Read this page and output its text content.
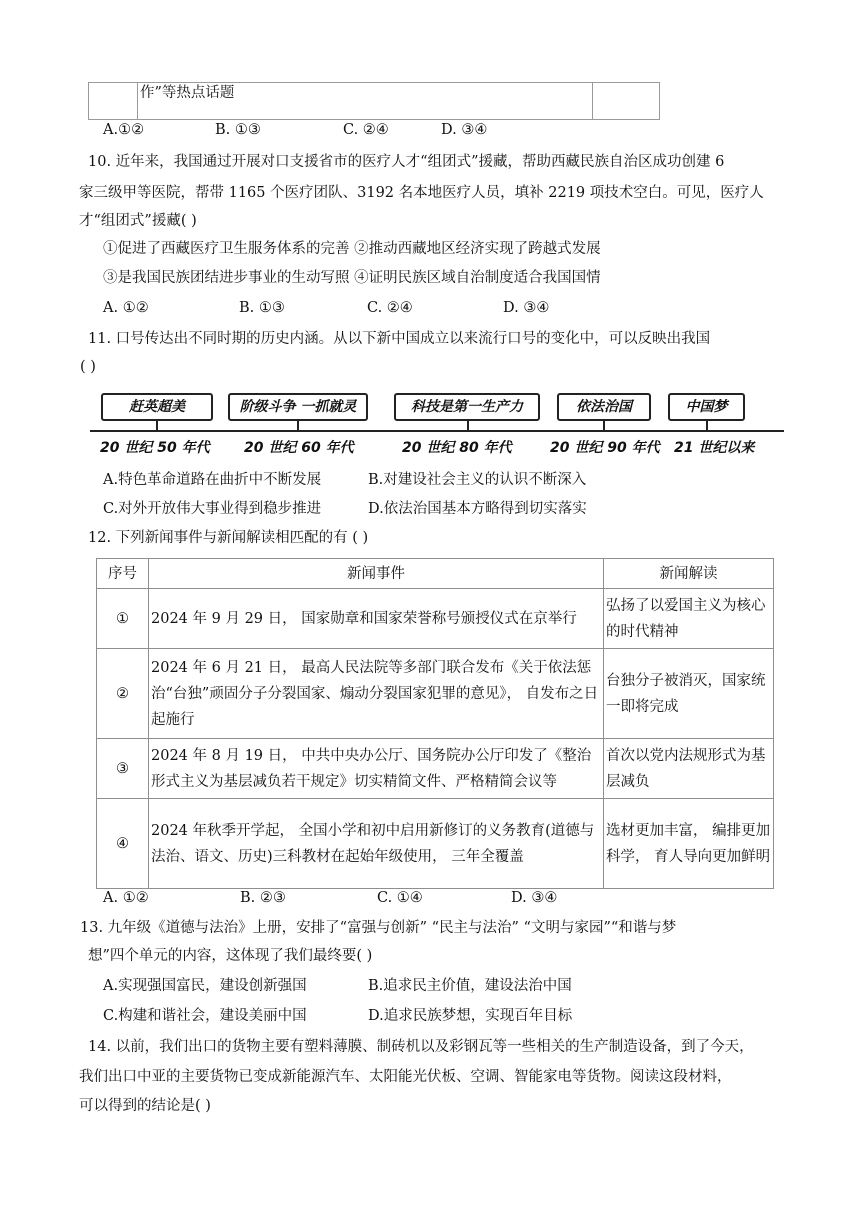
	作”等热点话题	
A.①②	B. ①③	C. ②④	D. ③④
10. 近年来，我国通过开展对口支援省市的医疗人才“组团式”援藏，帮助西藏民族自治区成功创建 6
家三级甲等医院，帮带 1165 个医疗团队、3192 名本地医疗人员，填补 2219 项技术空白。可见，医疗人
才“组团式”援藏( )
①促进了西藏医疗卫生服务体系的完善 ②推动西藏地区经济实现了跨越式发展
③是我国民族团结进步事业的生动写照 ④证明民族区域自治制度适合我国国情
A. ①②	B. ①③	C. ②④	D. ③④
11. 口号传达出不同时期的历史内涵。从以下新中国成立以来流行口号的变化中，可以反映出我国
( )
赶英超美	阶级斗争 一抓就灵	科技是第一生产力	依法治国	中国梦
20 世纪 50 年代 20 世纪 60 年代	20 世纪 80 年代	20 世纪 90 年代 21 世纪以来
A.特色革命道路在曲折中不断发展	B.对建设社会主义的认识不断深入
C.对外开放伟大事业得到稳步推进	D.依法治国基本方略得到切实落实
12. 下列新闻事件与新闻解读相匹配的有 ( )
序号	新闻事件	新闻解读
①	2024 年 9 月 29 日， 国家勋章和国家荣誉称号颁授仪式在京举行	弘扬了以爱国主义为核心的时代精神
②	2024 年 6 月 21 日， 最高人民法院等多部门联合发布《关于依法惩治“台独”顽固分子分裂国家、煽动分裂国家犯罪的意见》， 自发布之日起施行	台独分子被消灭，国家统一即将完成
③	2024 年 8 月 19 日， 中共中央办公厅、国务院办公厅印发了《整治形式主义为基层减负若干规定》切实精简文件、严格精简会议等	首次以党内法规形式为基层减负
④	2024 年秋季开学起， 全国小学和初中启用新修订的义务教育(道德与法治、语文、历史)三科教材在起始年级使用， 三年全覆盖	选材更加丰富， 编排更加科学， 育人导向更加鲜明
A. ①②	B. ②③	C. ①④	D. ③④
13. 九年级《道德与法治》上册，安排了“富强与创新” “民主与法治” “文明与家园”“和谐与梦
想”四个单元的内容，这体现了我们最终要( )
A.实现强国富民，建设创新强国	B.追求民主价值，建设法治中国
C.构建和谐社会，建设美丽中国	D.追求民族梦想，实现百年目标
14. 以前，我们出口的货物主要有塑料薄膜、制砖机以及彩钢瓦等一些相关的生产制造设备，到了今天，
我们出口中亚的主要货物已变成新能源汽车、太阳能光伏板、空调、智能家电等货物。阅读这段材料，
可以得到的结论是( )
